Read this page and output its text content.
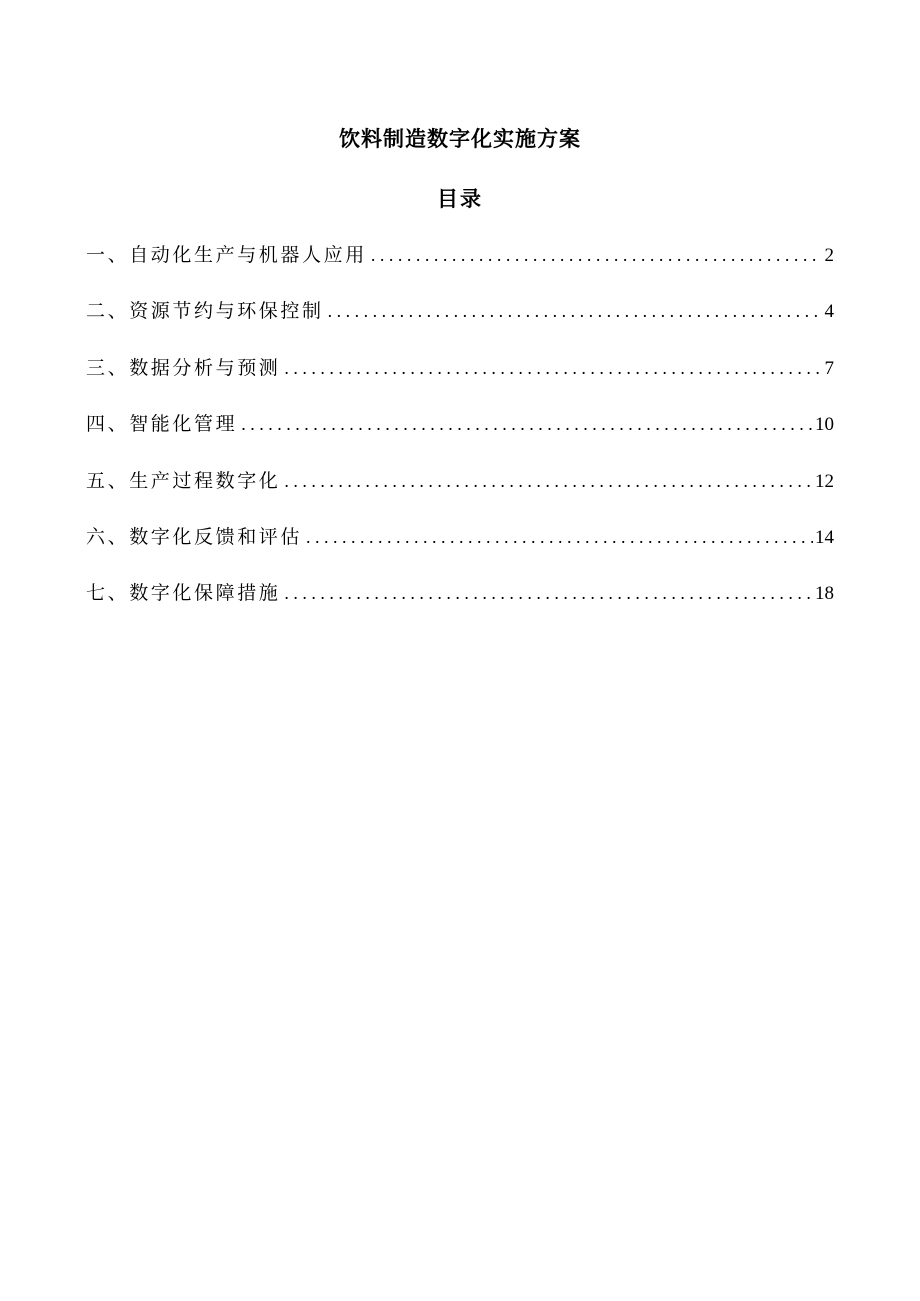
饮料制造数字化实施方案
目录
一、自动化生产与机器人应用 . . .	2
二、资源节约与环保控制 . . .	4
三、数据分析与预测 . . .	7
四、智能化管理 . . .	10
五、生产过程数字化 . . .	12
六、数字化反馈和评估 . . .	14
七、数字化保障措施 . . .	18
